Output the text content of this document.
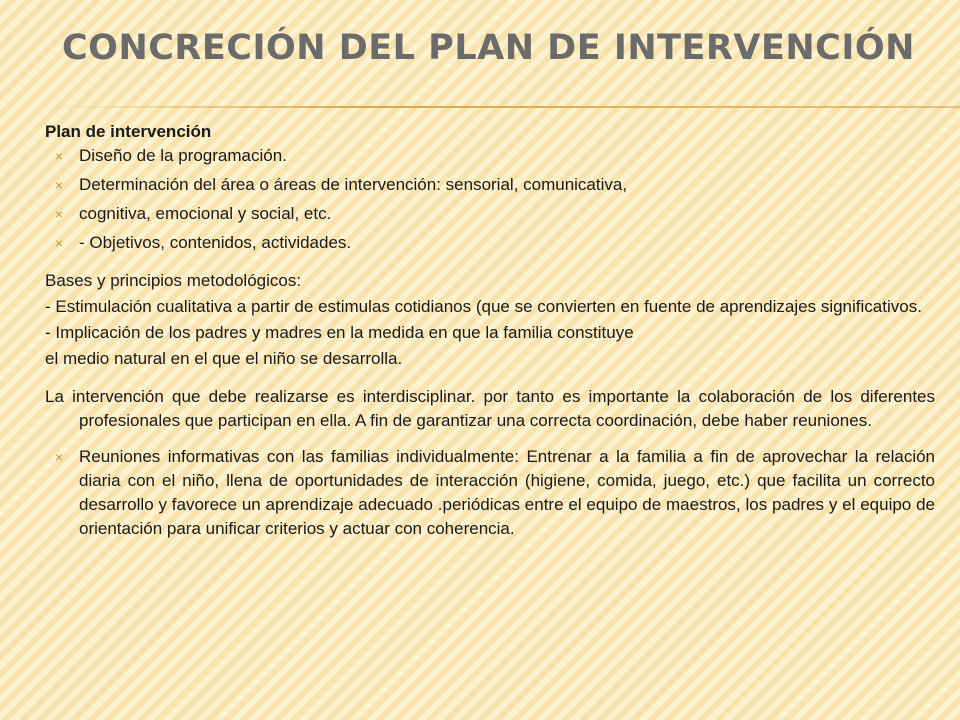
CONCRECIÓN DEL PLAN DE INTERVENCIÓN

Plan de intervención

× Diseño de la programación.

× Determinación del área o áreas de intervención: sensorial, comunicativa,

× cognitiva, emocional y social, etc.

× - Objetivos, contenidos, actividades.

Bases y principios metodológicos:

- Estimulación cualitativa a partir de estimulas cotidianos (que se convierten en fuente de aprendizajes significativos.

- Implicación de los padres y madres en la medida en que la familia constituye

el medio natural en el que el niño se desarrolla.

La intervención que debe realizarse es interdisciplinar. por tanto es importante la colaboración de los diferentes profesionales que participan en ella. A fin de garantizar una correcta coordinación, debe haber reuniones.

× Reuniones informativas con las familias individualmente: Entrenar a la familia a fin de aprovechar la relación diaria con el niño, llena de oportunidades de interacción (higiene, comida, juego, etc.) que facilita un correcto desarrollo y favorece un aprendizaje adecuado .periódicas entre el equipo de maestros, los padres y el equipo de orientación para unificar criterios y actuar con coherencia.
